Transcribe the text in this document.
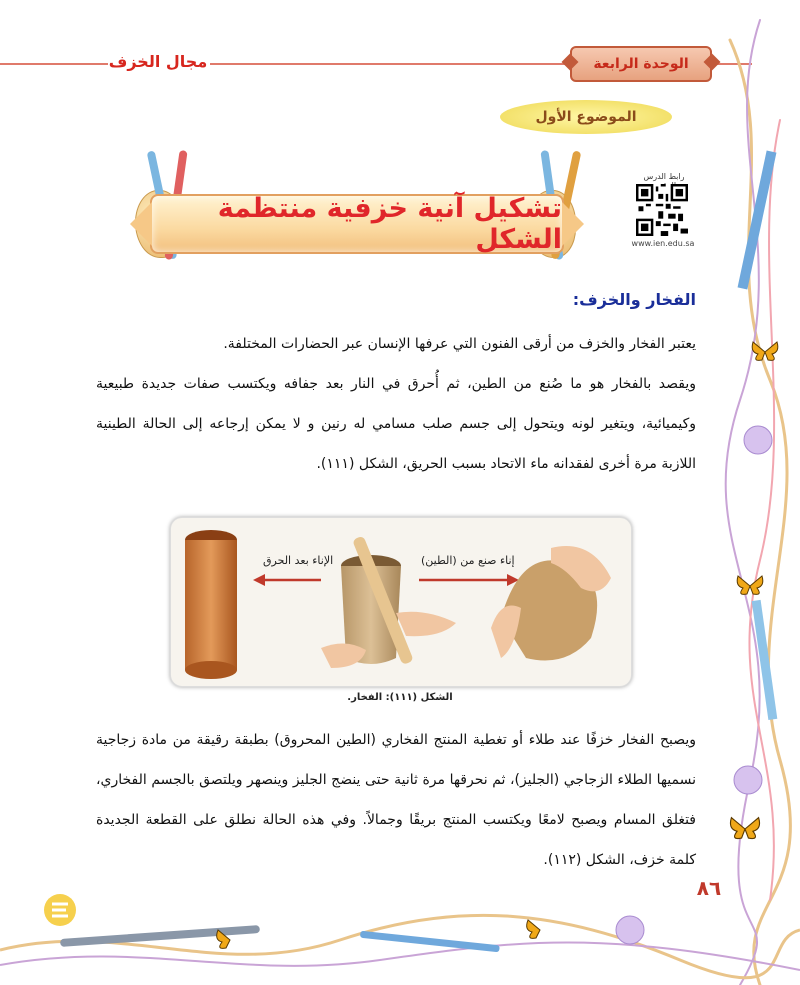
مجال الخزف	الوحدة الرابعة
الموضوع الأول
تشكيل آنية خزفية منتظمة الشكل
رابط الدرس
www.ien.edu.sa
الفخار والخزف:
يعتبر الفخار والخزف من أرقى الفنون التي عرفها الإنسان عبر الحضارات المختلفة.
ويقصد بالفخار هو ما صُنع من الطين، ثم أُحرق في النار بعد جفافه ويكتسب صفات جديدة طبيعية وكيميائية، ويتغير لونه ويتحول إلى جسم صلب مسامي له رنين و لا يمكن إرجاعه إلى الحالة الطينية اللازبة مرة أخرى لفقدانه ماء الاتحاد بسبب الحريق، الشكل (١١١).
الإناء بعد الحرق	إناء صنع من (الطين)
الشكل (١١١): الفخار.
ويصبح الفخار خزفًا عند طلاء أو تغطية المنتج الفخاري (الطين المحروق) بطبقة رقيقة من مادة زجاجية نسميها الطلاء الزجاجي (الجليز)، ثم نحرقها مرة ثانية حتى ينضج الجليز وينصهر ويلتصق بالجسم الفخاري، فتغلق المسام ويصبح لامعًا ويكتسب المنتج بريقًا وجمالاً. وفي هذه الحالة نطلق على القطعة الجديدة كلمة خزف، الشكل (١١٢).
٨٦
